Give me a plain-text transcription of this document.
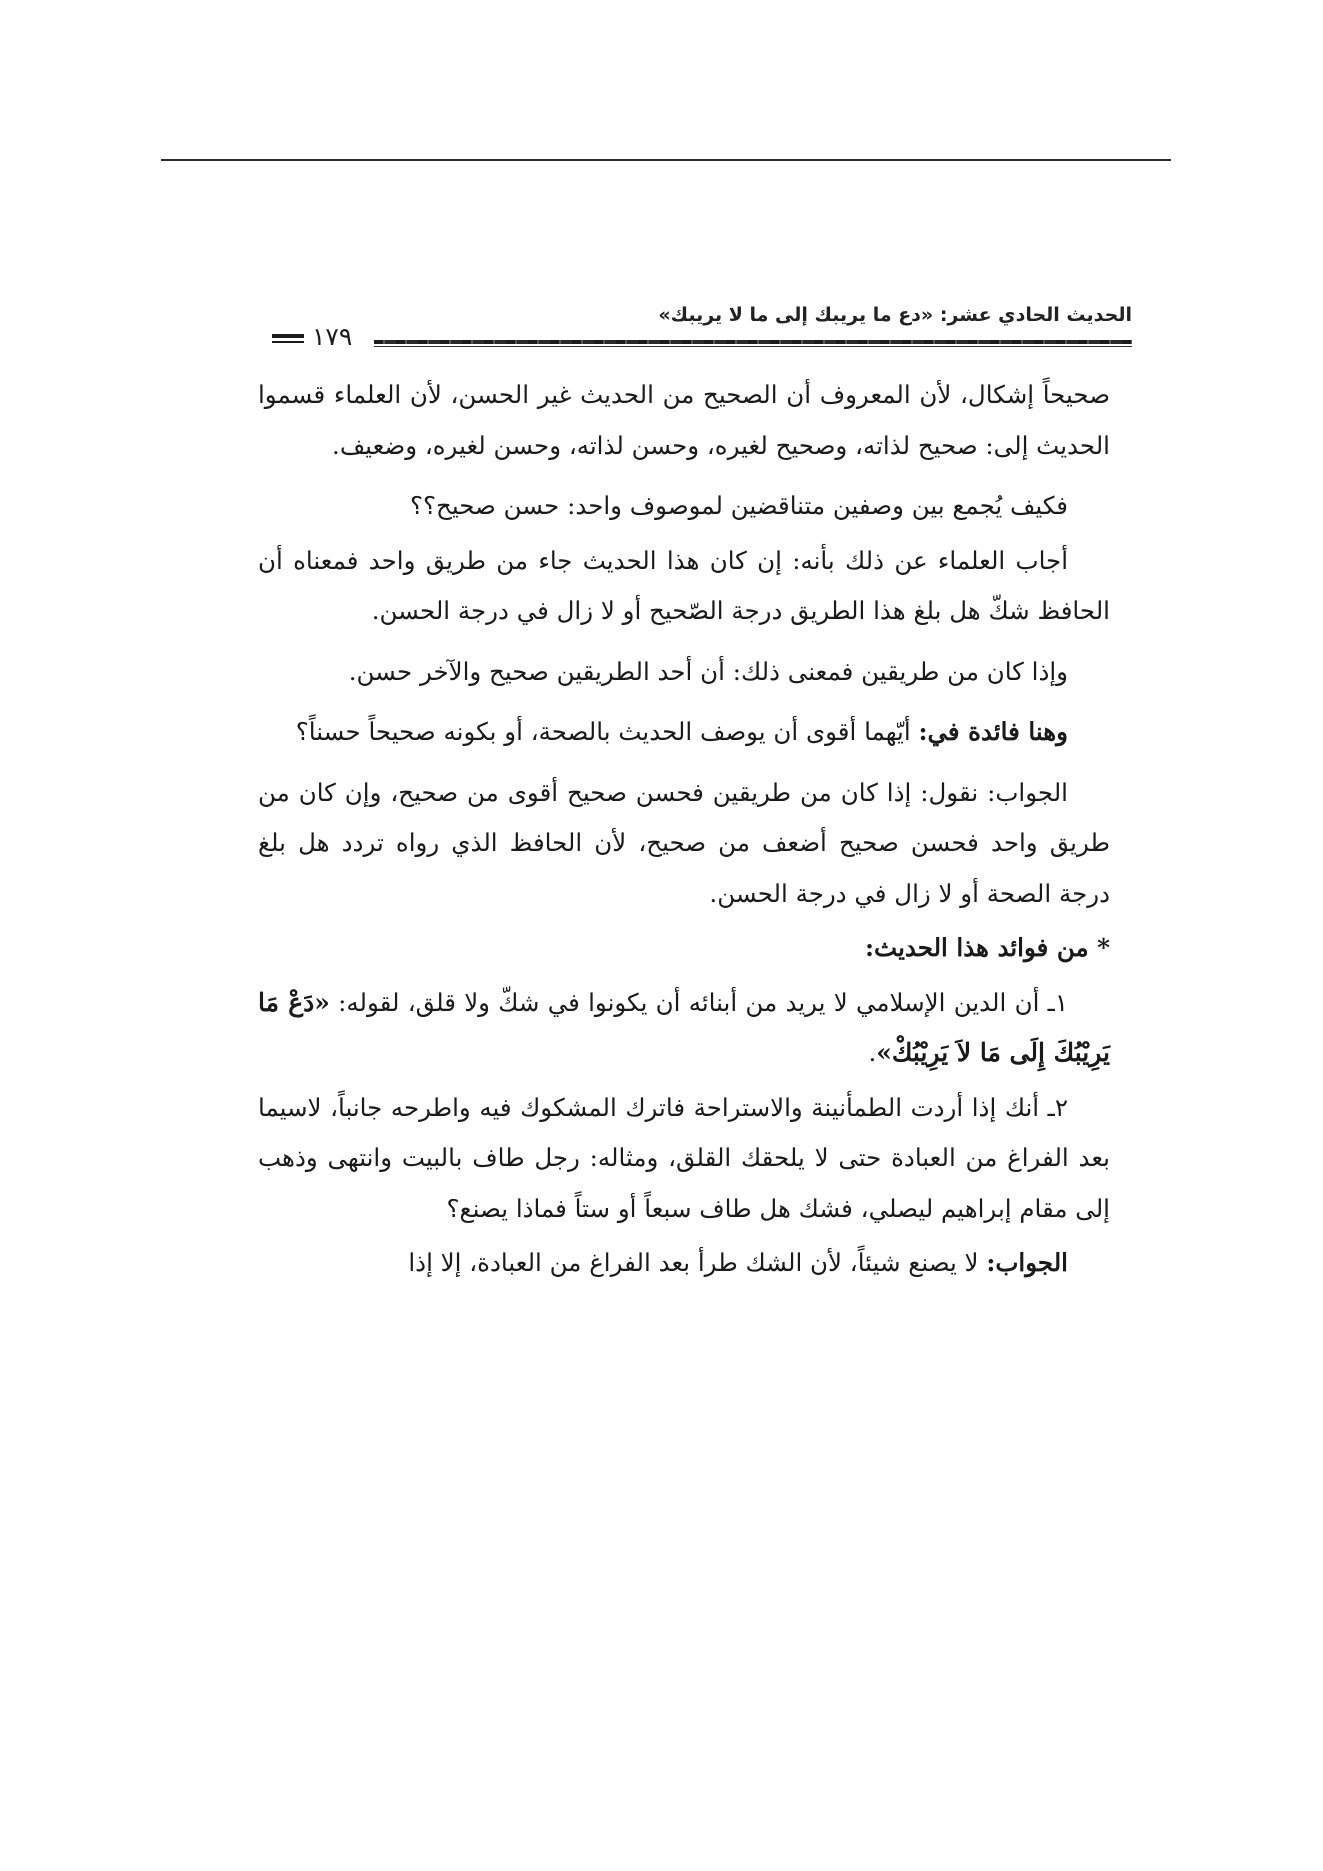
الحديث الحادي عشر: «دع ما يريبك إلى ما لا يريبك»
١٧٩

صحيحاً إشكال، لأن المعروف أن الصحيح من الحديث غير الحسن، لأن العلماء قسموا الحديث إلى: صحيح لذاته، وصحيح لغيره، وحسن لذاته، وحسن لغيره، وضعيف.

فكيف يُجمع بين وصفين متناقضين لموصوف واحد: حسن صحيح؟؟

أجاب العلماء عن ذلك بأنه: إن كان هذا الحديث جاء من طريق واحد فمعناه أن الحافظ شكّ هل بلغ هذا الطريق درجة الصّحيح أو لا زال في درجة الحسن.

وإذا كان من طريقين فمعنى ذلك: أن أحد الطريقين صحيح والآخر حسن.

وهنا فائدة في: أيّهما أقوى أن يوصف الحديث بالصحة، أو بكونه صحيحاً حسناً؟

الجواب: نقول: إذا كان من طريقين فحسن صحيح أقوى من صحيح، وإن كان من طريق واحد فحسن صحيح أضعف من صحيح، لأن الحافظ الذي رواه تردد هل بلغ درجة الصحة أو لا زال في درجة الحسن.

* من فوائد هذا الحديث:

١ـ أن الدين الإسلامي لا يريد من أبنائه أن يكونوا في شكّ ولا قلق، لقوله: «دَعْ مَا يَرِيْبُكَ إِلَى مَا لاَ يَرِيْبُكْ».

٢ـ أنك إذا أردت الطمأنينة والاستراحة فاترك المشكوك فيه واطرحه جانباً، لاسيما بعد الفراغ من العبادة حتى لا يلحقك القلق، ومثاله: رجل طاف بالبيت وانتهى وذهب إلى مقام إبراهيم ليصلي، فشك هل طاف سبعاً أو ستاً فماذا يصنع؟

الجواب: لا يصنع شيئاً، لأن الشك طرأ بعد الفراغ من العبادة، إلا إذا
